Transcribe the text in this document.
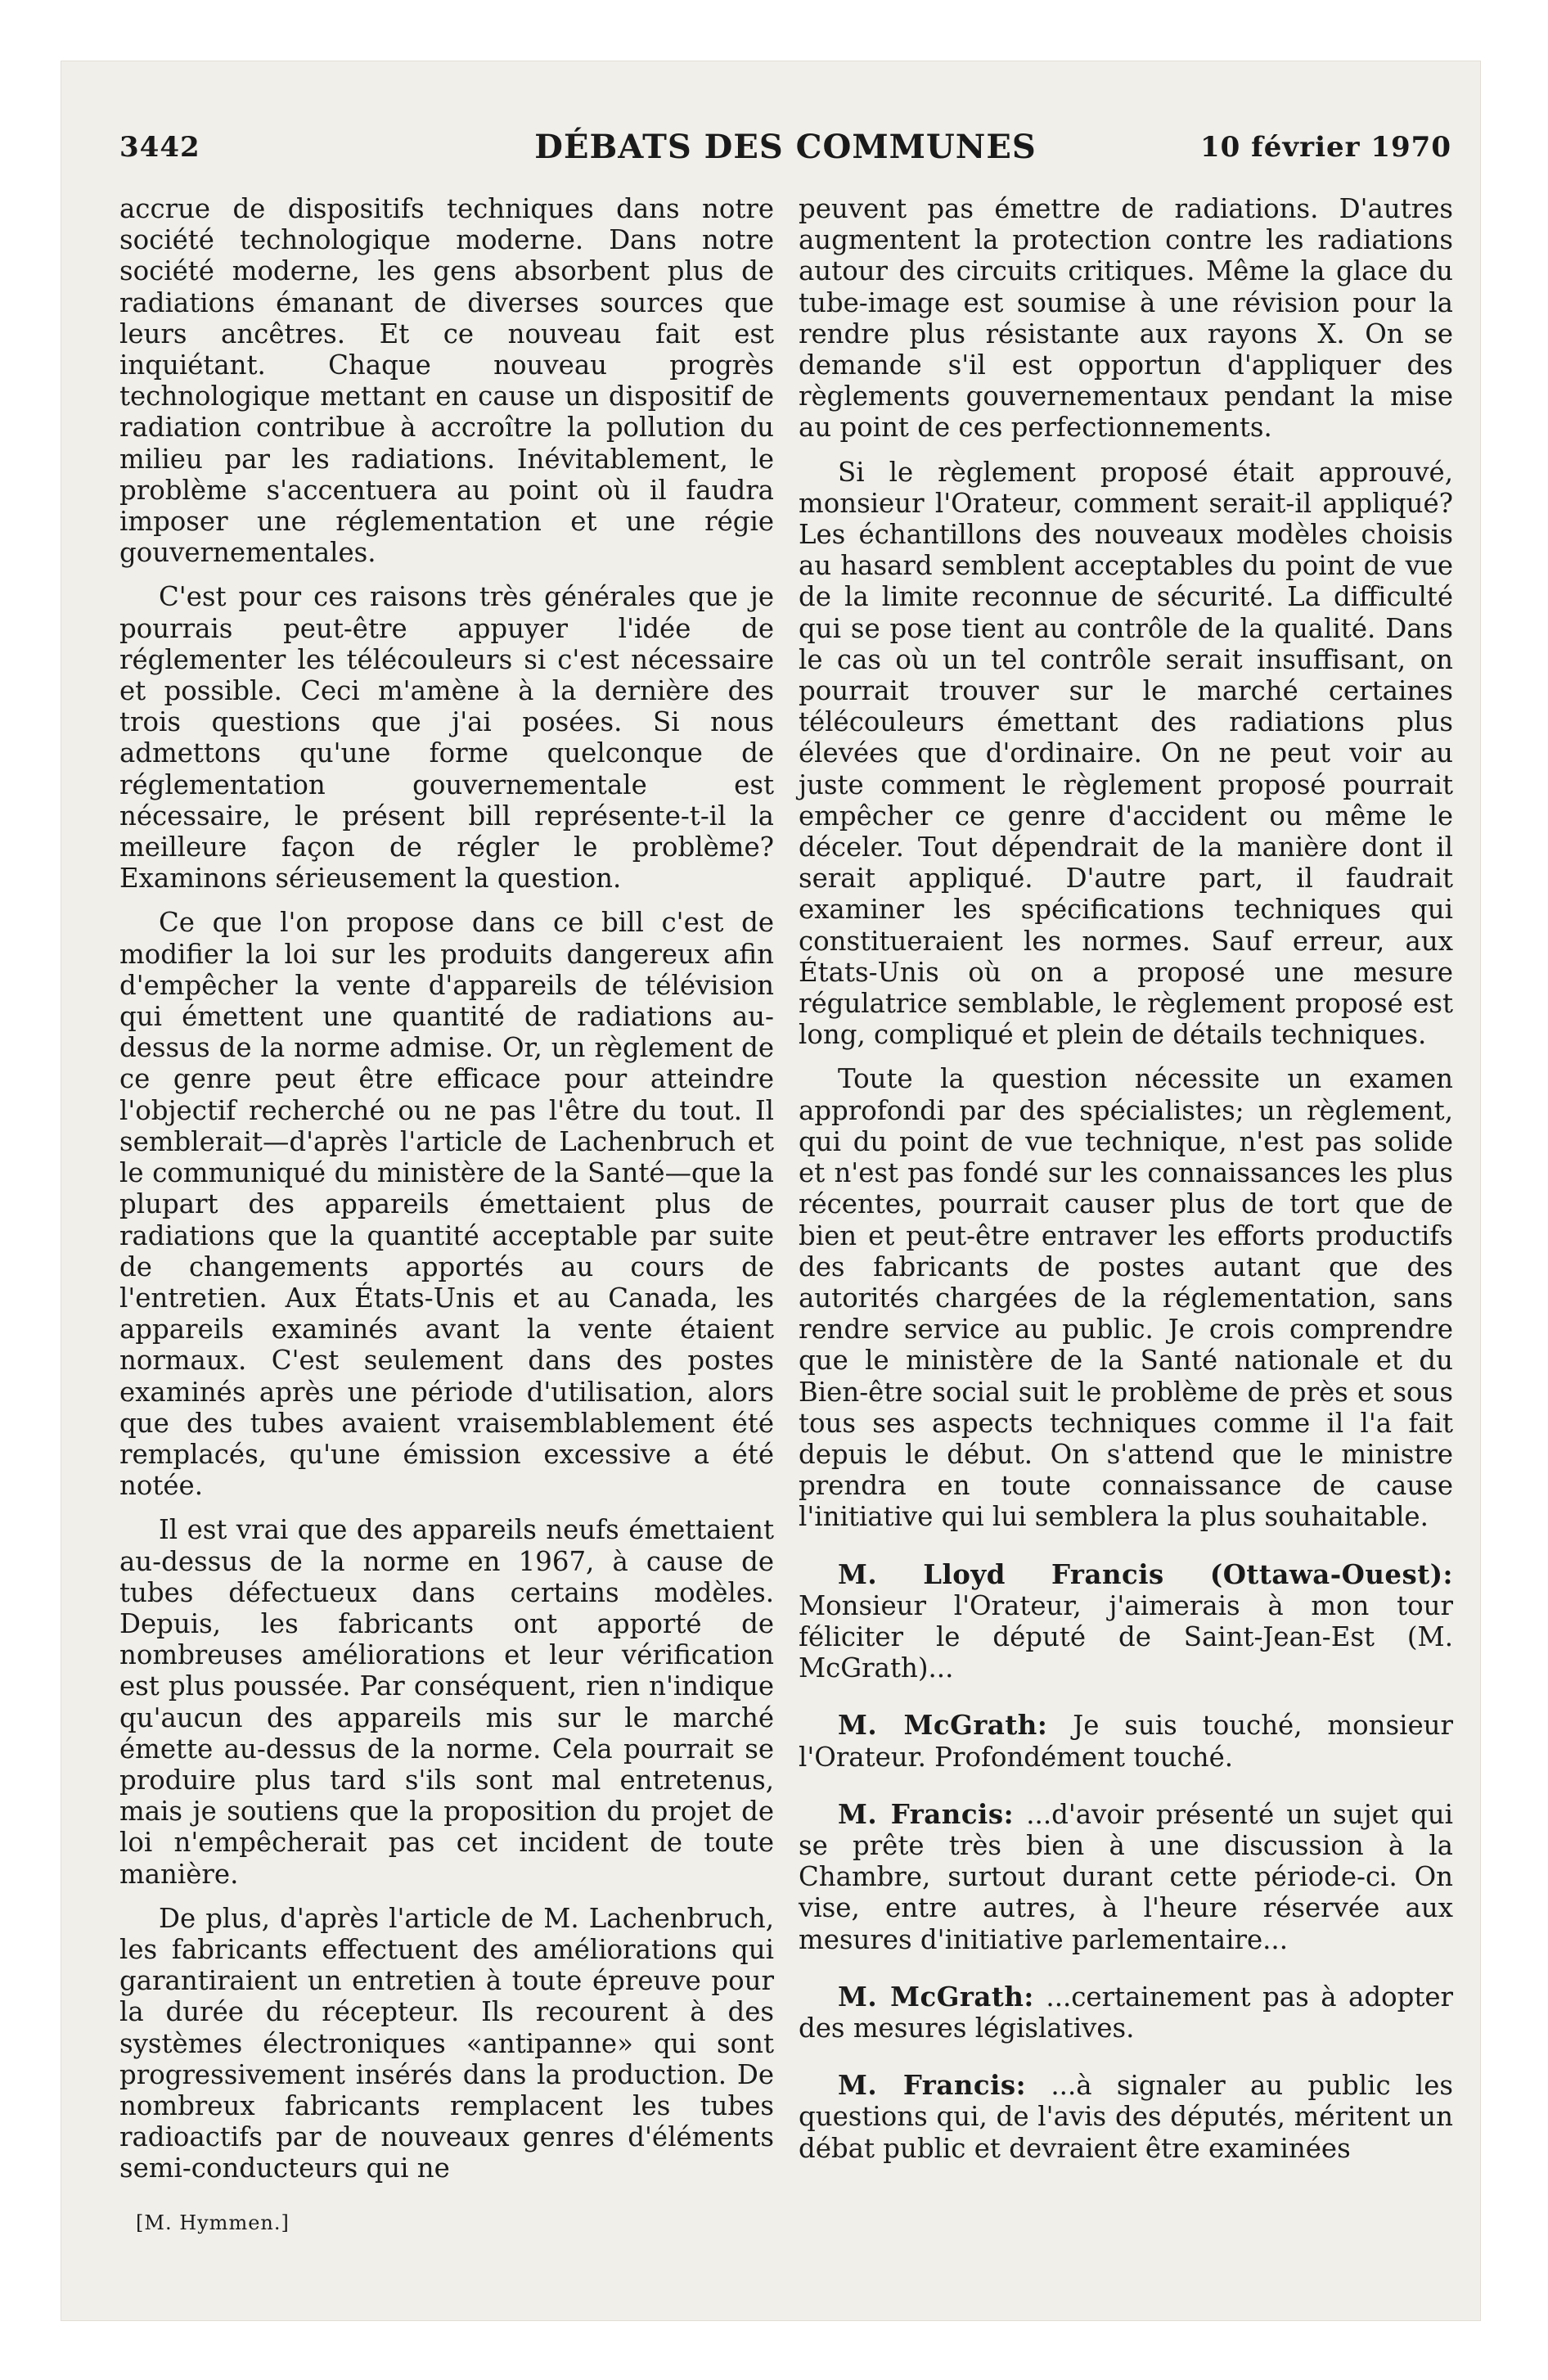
3442	DÉBATS DES COMMUNES	10 février 1970

accrue de dispositifs techniques dans notre société technologique moderne. Dans notre société moderne, les gens absorbent plus de radiations émanant de diverses sources que leurs ancêtres. Et ce nouveau fait est inquiétant. Chaque nouveau progrès technologique mettant en cause un dispositif de radiation contribue à accroître la pollution du milieu par les radiations. Inévitablement, le problème s'accentuera au point où il faudra imposer une réglementation et une régie gouvernementales.

C'est pour ces raisons très générales que je pourrais peut-être appuyer l'idée de réglementer les télécouleurs si c'est nécessaire et possible. Ceci m'amène à la dernière des trois questions que j'ai posées. Si nous admettons qu'une forme quelconque de réglementation gouvernementale est nécessaire, le présent bill représente-t-il la meilleure façon de régler le problème? Examinons sérieusement la question.

Ce que l'on propose dans ce bill c'est de modifier la loi sur les produits dangereux afin d'empêcher la vente d'appareils de télévision qui émettent une quantité de radiations au-dessus de la norme admise. Or, un règlement de ce genre peut être efficace pour atteindre l'objectif recherché ou ne pas l'être du tout. Il semblerait—d'après l'article de Lachenbruch et le communiqué du ministère de la Santé—que la plupart des appareils émettaient plus de radiations que la quantité acceptable par suite de changements apportés au cours de l'entretien. Aux États-Unis et au Canada, les appareils examinés avant la vente étaient normaux. C'est seulement dans des postes examinés après une période d'utilisation, alors que des tubes avaient vraisemblablement été remplacés, qu'une émission excessive a été notée.

Il est vrai que des appareils neufs émettaient au-dessus de la norme en 1967, à cause de tubes défectueux dans certains modèles. Depuis, les fabricants ont apporté de nombreuses améliorations et leur vérification est plus poussée. Par conséquent, rien n'indique qu'aucun des appareils mis sur le marché émette au-dessus de la norme. Cela pourrait se produire plus tard s'ils sont mal entretenus, mais je soutiens que la proposition du projet de loi n'empêcherait pas cet incident de toute manière.

De plus, d'après l'article de M. Lachenbruch, les fabricants effectuent des améliorations qui garantiraient un entretien à toute épreuve pour la durée du récepteur. Ils recourent à des systèmes électroniques «antipanne» qui sont progressivement insérés dans la production. De nombreux fabricants remplacent les tubes radioactifs par de nouveaux genres d'éléments semi-conducteurs qui ne

peuvent pas émettre de radiations. D'autres augmentent la protection contre les radiations autour des circuits critiques. Même la glace du tube-image est soumise à une révision pour la rendre plus résistante aux rayons X. On se demande s'il est opportun d'appliquer des règlements gouvernementaux pendant la mise au point de ces perfectionnements.

Si le règlement proposé était approuvé, monsieur l'Orateur, comment serait-il appliqué? Les échantillons des nouveaux modèles choisis au hasard semblent acceptables du point de vue de la limite reconnue de sécurité. La difficulté qui se pose tient au contrôle de la qualité. Dans le cas où un tel contrôle serait insuffisant, on pourrait trouver sur le marché certaines télécouleurs émettant des radiations plus élevées que d'ordinaire. On ne peut voir au juste comment le règlement proposé pourrait empêcher ce genre d'accident ou même le déceler. Tout dépendrait de la manière dont il serait appliqué. D'autre part, il faudrait examiner les spécifications techniques qui constitueraient les normes. Sauf erreur, aux États-Unis où on a proposé une mesure régulatrice semblable, le règlement proposé est long, compliqué et plein de détails techniques.

Toute la question nécessite un examen approfondi par des spécialistes; un règlement, qui du point de vue technique, n'est pas solide et n'est pas fondé sur les connaissances les plus récentes, pourrait causer plus de tort que de bien et peut-être entraver les efforts productifs des fabricants de postes autant que des autorités chargées de la réglementation, sans rendre service au public. Je crois comprendre que le ministère de la Santé nationale et du Bien-être social suit le problème de près et sous tous ses aspects techniques comme il l'a fait depuis le début. On s'attend que le ministre prendra en toute connaissance de cause l'initiative qui lui semblera la plus souhaitable.

M. Lloyd Francis (Ottawa-Ouest): Monsieur l'Orateur, j'aimerais à mon tour féliciter le député de Saint-Jean-Est (M. McGrath)...

M. McGrath: Je suis touché, monsieur l'Orateur. Profondément touché.

M. Francis: ...d'avoir présenté un sujet qui se prête très bien à une discussion à la Chambre, surtout durant cette période-ci. On vise, entre autres, à l'heure réservée aux mesures d'initiative parlementaire...

M. McGrath: ...certainement pas à adopter des mesures législatives.

M. Francis: ...à signaler au public les questions qui, de l'avis des députés, méritent un débat public et devraient être examinées

[M. Hymmen.]
